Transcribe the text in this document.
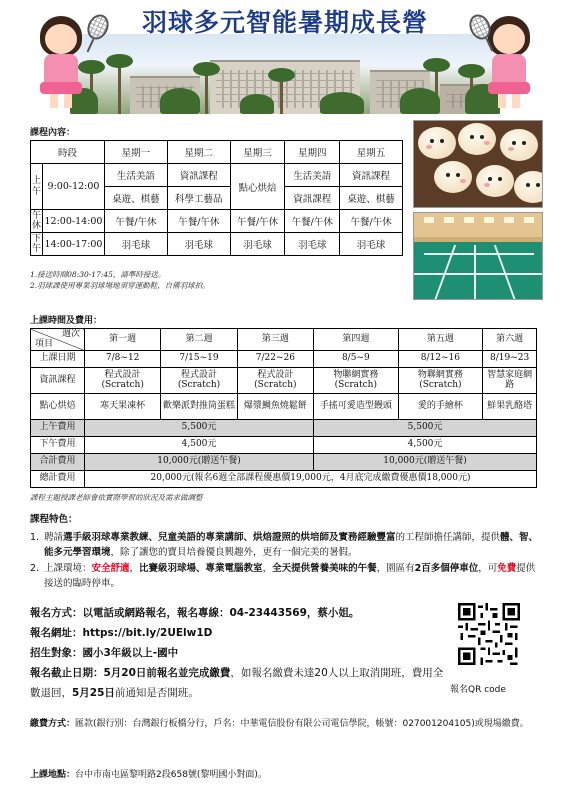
羽球多元智能暑期成長營
課程內容：
時段		星期一	星期二	星期三	星期四	星期五
上午	9:00-12:00	生活美語	資訊課程	點心烘焙	生活美語	資訊課程
		桌遊、棋藝	科學工藝品		資訊課程	桌遊、棋藝
午休	12:00-14:00	午餐/午休	午餐/午休	午餐/午休	午餐/午休	午餐/午休
下午	14:00-17:00	羽毛球	羽毛球	羽毛球	羽毛球	羽毛球
1.接送時間08:30-17:45，請準時接送。
2.羽球課使用專業羽球場地須穿運動鞋，自備羽球拍。
上課時間及費用：
週次
項目	第一週	第二週	第三週	第四週	第五週	第六週
上課日期	7/8~12	7/15~19	7/22~26	8/5~9	8/12~16	8/19~23
資訊課程	程式設計(Scratch)	程式設計(Scratch)	程式設計(Scratch)	物聯網實務(Scratch)	物聯網實務(Scratch)	智慧家庭網路
點心烘焙	寒天果凍杯	歡樂派對推筒蛋糕	爆漿鯛魚燒鬆餅	手搖可愛造型饅頭	愛的手繪杯	鮮果乳酪塔
上午費用	5,500元			5,500元		
下午費用	4,500元			4,500元		
合計費用	10,000元(贈送午餐)			10,000元(贈送午餐)		
總計費用	20,000元(報名6週全部課程優惠價19,000元，4月底完成繳費優惠價18,000元)					
課程主題授課老師會依實際學習的狀況及需求做調整
課程特色：
1. 聘請選手級羽球專業教練、兒童美語的專業講師、烘焙證照的烘培師及實務經驗豐富的工程師擔任講師，提供體、智、能多元學習環境，除了讓您的寶貝培養優良興趣外，更有一個完美的暑假。
2. 上課環境：安全舒適，比賽級羽球場、專業電腦教室，全天提供營養美味的午餐，園區有2百多個停車位，可免費提供接送的臨時停車。
報名方式：以電話或網路報名，報名專線：04-23443569，蔡小姐。
報名網址：https://bit.ly/2UElw1D
招生對象：國小3年級以上-國中
報名截止日期：5月20日前報名並完成繳費，如報名繳費未達20人以上取消開班，費用全數退回，5月25日前通知是否開班。	報名QR code
繳費方式：匯款(銀行別：台灣銀行板橋分行，戶名：中華電信股份有限公司電信學院，帳號：027001204105)或現場繳費。
上課地點：台中市南屯區黎明路2段658號(黎明國小對面)。
